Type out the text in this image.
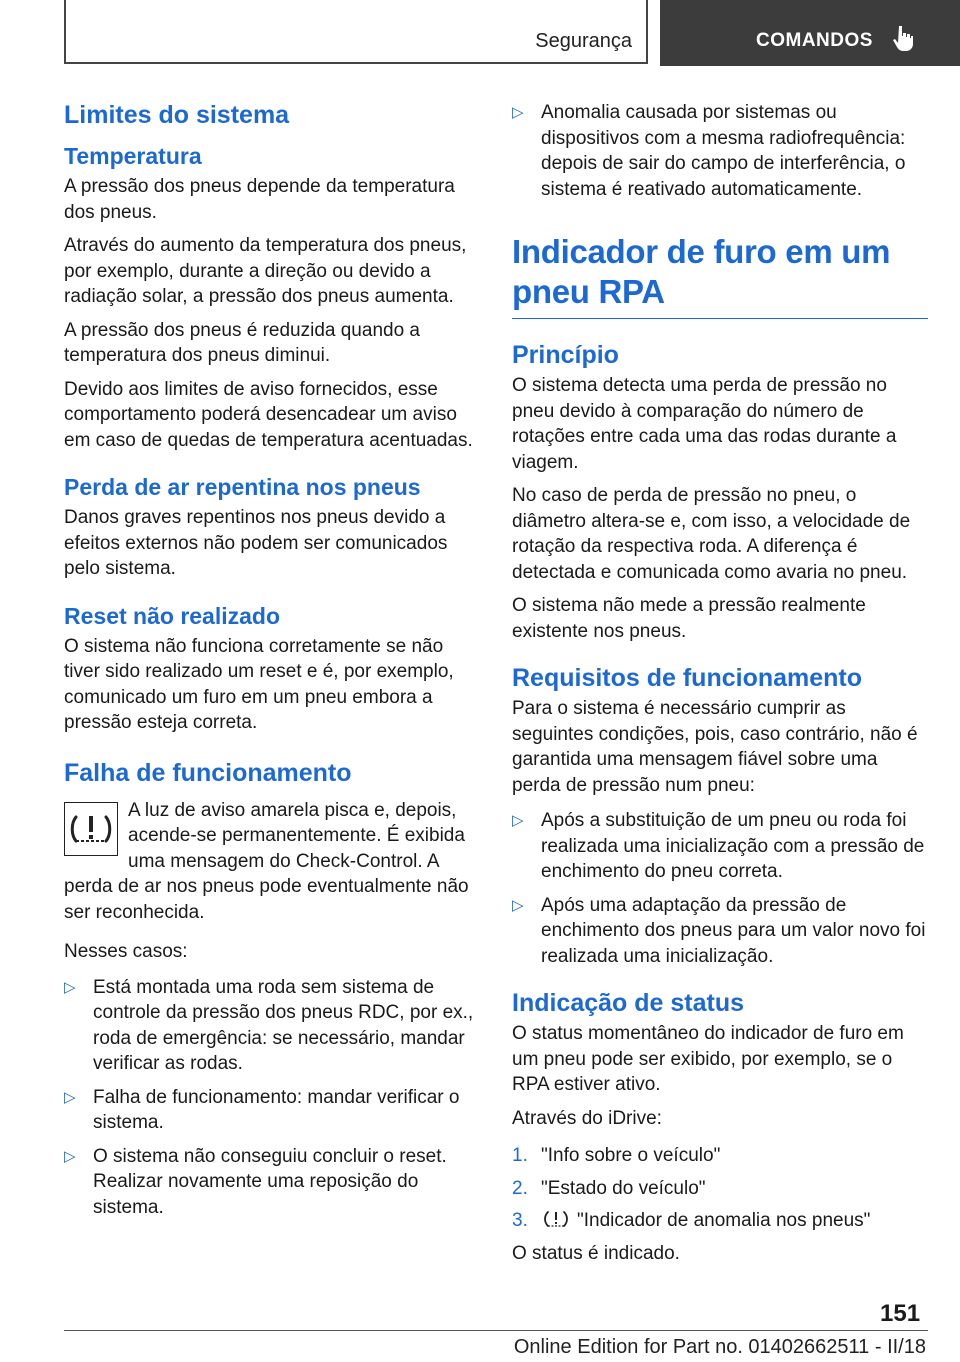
Segurança	COMANDOS
Limites do sistema
Temperatura

A pressão dos pneus depende da temperatura dos pneus.

Através do aumento da temperatura dos pneus, por exemplo, durante a direção ou devido a radiação solar, a pressão dos pneus aumenta.

A pressão dos pneus é reduzida quando a temperatura dos pneus diminui.

Devido aos limites de aviso fornecidos, esse comportamento poderá desencadear um aviso em caso de quedas de temperatura acentuadas.

Perda de ar repentina nos pneus

Danos graves repentinos nos pneus devido a efeitos externos não podem ser comunicados pelo sistema.

Reset não realizado

O sistema não funciona corretamente se não tiver sido realizado um reset e é, por exemplo, comunicado um furo em um pneu embora a pressão esteja correta.

Falha de funcionamento

A luz de aviso amarela pisca e, depois, acende-se permanentemente. É exibida uma mensagem do Check-Control. A perda de ar nos pneus pode eventualmente não ser reconhecida.

Nesses casos:

▷ Está montada uma roda sem sistema de controle da pressão dos pneus RDC, por ex., roda de emergência: se necessário, mandar verificar as rodas.
▷ Falha de funcionamento: mandar verificar o sistema.
▷ O sistema não conseguiu concluir o reset. Realizar novamente uma reposição do sistema.
▷ Anomalia causada por sistemas ou dispositivos com a mesma radiofrequência: depois de sair do campo de interferência, o sistema é reativado automaticamente.
Indicador de furo em um pneu RPA
Princípio

O sistema detecta uma perda de pressão no pneu devido à comparação do número de rotações entre cada uma das rodas durante a viagem.

No caso de perda de pressão no pneu, o diâmetro altera-se e, com isso, a velocidade de rotação da respectiva roda. A diferença é detectada e comunicada como avaria no pneu.

O sistema não mede a pressão realmente existente nos pneus.

Requisitos de funcionamento

Para o sistema é necessário cumprir as seguintes condições, pois, caso contrário, não é garantida uma mensagem fiável sobre uma perda de pressão num pneu:

▷ Após a substituição de um pneu ou roda foi realizada uma inicialização com a pressão de enchimento do pneu correta.
▷ Após uma adaptação da pressão de enchimento dos pneus para um valor novo foi realizada uma inicialização.
Indicação de status

O status momentâneo do indicador de furo em um pneu pode ser exibido, por exemplo, se o RPA estiver ativo.

Através do iDrive:

1. "Info sobre o veículo"
2. "Estado do veículo"
3.	"Indicador de anomalia nos pneus"

O status é indicado.

151
Online Edition for Part no. 01402662511 - II/18
